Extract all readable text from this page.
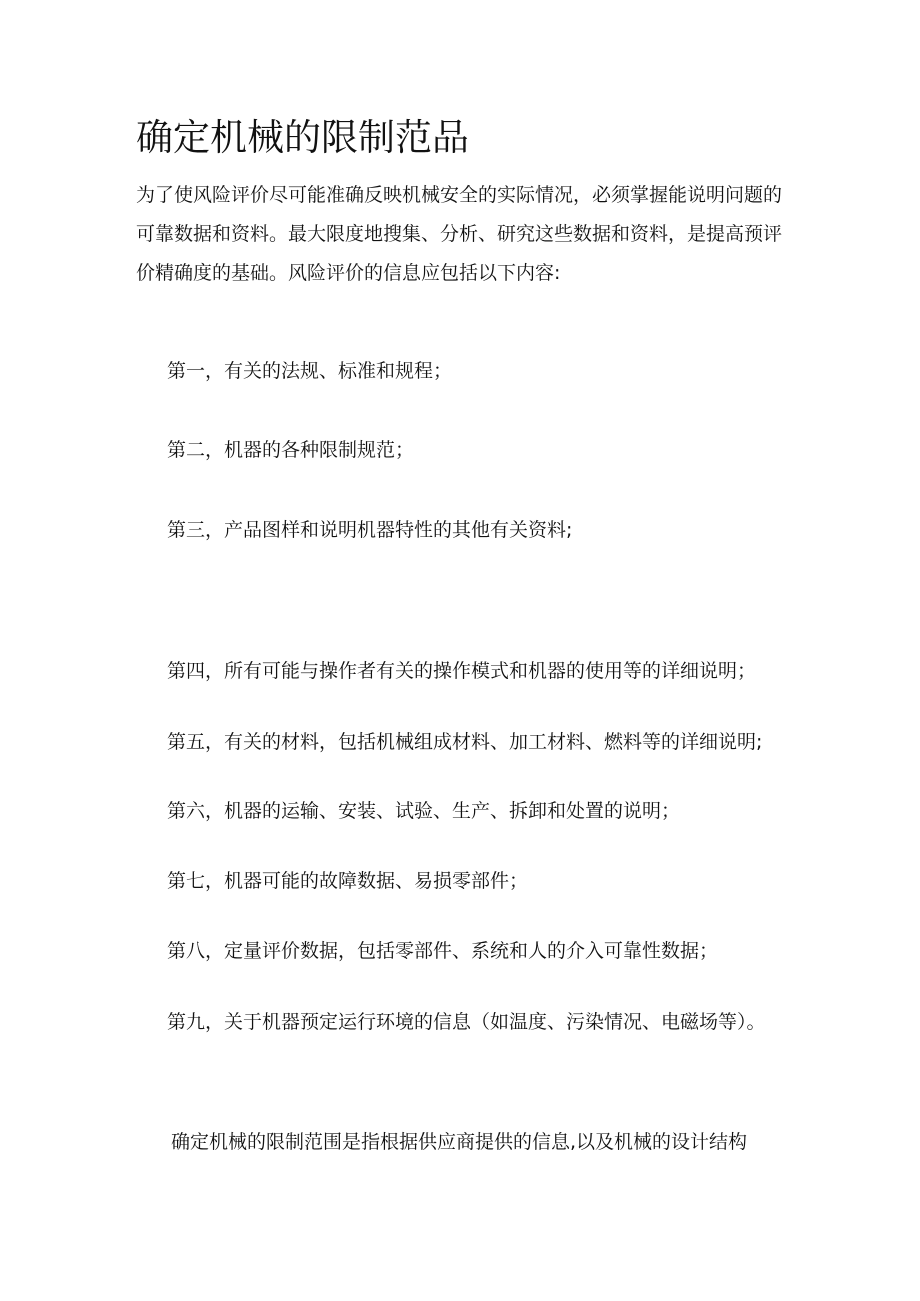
确定机械的限制范品

为了使风险评价尽可能准确反映机械安全的实际情况，必须掌握能说明问题的可靠数据和资料。最大限度地搜集、分析、研究这些数据和资料，是提高预评价精确度的基础。风险评价的信息应包括以下内容:

第一，有关的法规、标准和规程；

第二，机器的各种限制规范；

第三，产品图样和说明机器特性的其他有关资料;

第四，所有可能与操作者有关的操作模式和机器的使用等的详细说明；

第五，有关的材料，包括机械组成材料、加工材料、燃料等的详细说明;

第六，机器的运输、安装、试验、生产、拆卸和处置的说明；

第七，机器可能的故障数据、易损零部件；

第八，定量评价数据，包括零部件、系统和人的介入可靠性数据；

第九，关于机器预定运行环境的信息（如温度、污染情况、电磁场等）。

确定机械的限制范围是指根据供应商提供的信息,以及机械的设计结构
